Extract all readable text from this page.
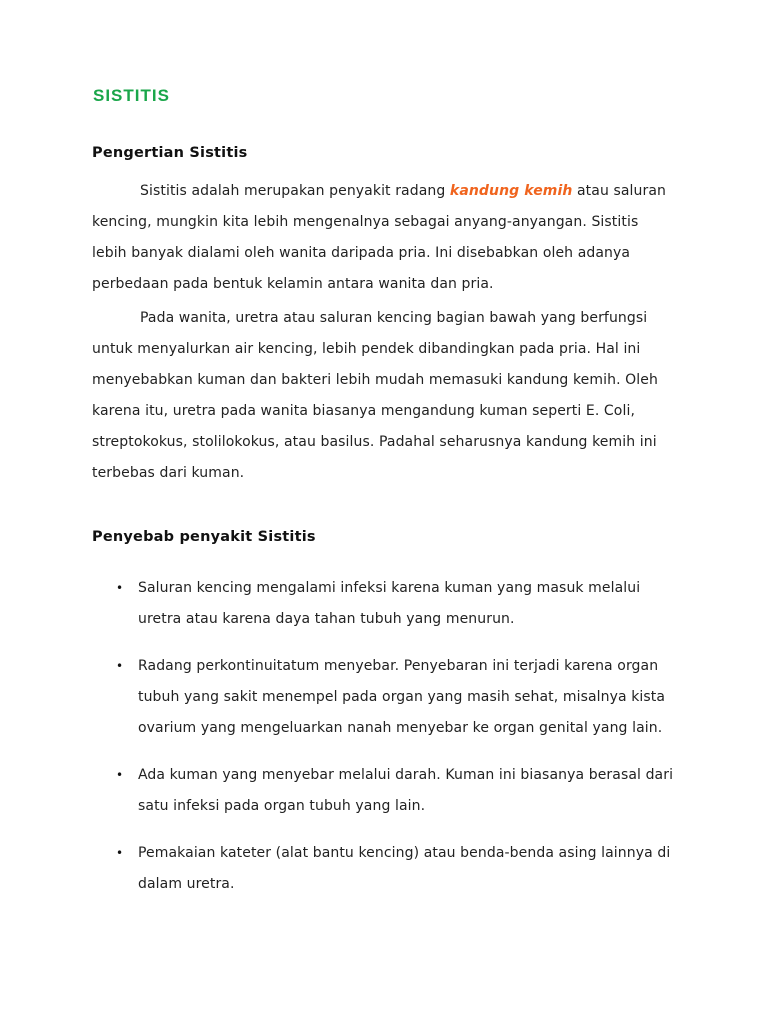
SISTITIS
Pengertian Sistitis

Sistitis adalah merupakan penyakit radang kandung kemih atau saluran kencing, mungkin kita lebih mengenalnya sebagai anyang-anyangan. Sistitis lebih banyak dialami oleh wanita daripada pria. Ini disebabkan oleh adanya perbedaan pada bentuk kelamin antara wanita dan pria.

Pada wanita, uretra atau saluran kencing bagian bawah yang berfungsi untuk menyalurkan air kencing, lebih pendek dibandingkan pada pria. Hal ini menyebabkan kuman dan bakteri lebih mudah memasuki kandung kemih. Oleh karena itu, uretra pada wanita biasanya mengandung kuman seperti E. Coli, streptokokus, stolilokokus, atau basilus. Padahal seharusnya kandung kemih ini terbebas dari kuman.

Penyebab penyakit Sistitis
•	Saluran kencing mengalami infeksi karena kuman yang masuk melalui uretra atau karena daya tahan tubuh yang menurun.
•	Radang perkontinuitatum menyebar. Penyebaran ini terjadi karena organ tubuh yang sakit menempel pada organ yang masih sehat, misalnya kista ovarium yang mengeluarkan nanah menyebar ke organ genital yang lain.
•	Ada kuman yang menyebar melalui darah. Kuman ini biasanya berasal dari satu infeksi pada organ tubuh yang lain.
•	Pemakaian kateter (alat bantu kencing) atau benda-benda asing lainnya di dalam uretra.
